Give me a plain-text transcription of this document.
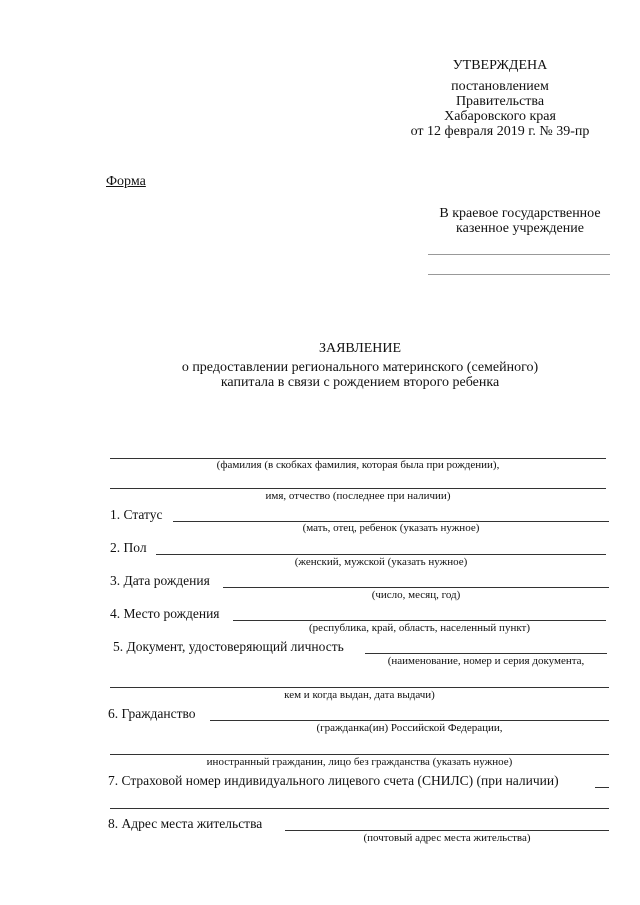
УТВЕРЖДЕНА
постановлением
Правительства
Хабаровского края
от 12 февраля 2019 г. № 39-пр
Форма
В краевое государственное
казенное учреждение
ЗАЯВЛЕНИЕ
о предоставлении регионального материнского (семейного)
капитала в связи с рождением второго ребенка
(фамилия (в скобках фамилия, которая была при рождении),
имя, отчество (последнее при наличии)
1. Статус
(мать, отец, ребенок (указать нужное)
2. Пол
(женский, мужской (указать нужное)
3. Дата рождения
(число, месяц, год)
4. Место рождения
(республика, край, область, населенный пункт)
5. Документ, удостоверяющий личность
(наименование, номер и серия документа,
кем и когда выдан, дата выдачи)
6. Гражданство
(гражданка(ин) Российской Федерации,
иностранный гражданин, лицо без гражданства (указать нужное)
7. Страховой номер индивидуального лицевого счета (СНИЛС) (при наличии)
8. Адрес места жительства
(почтовый адрес места жительства)
